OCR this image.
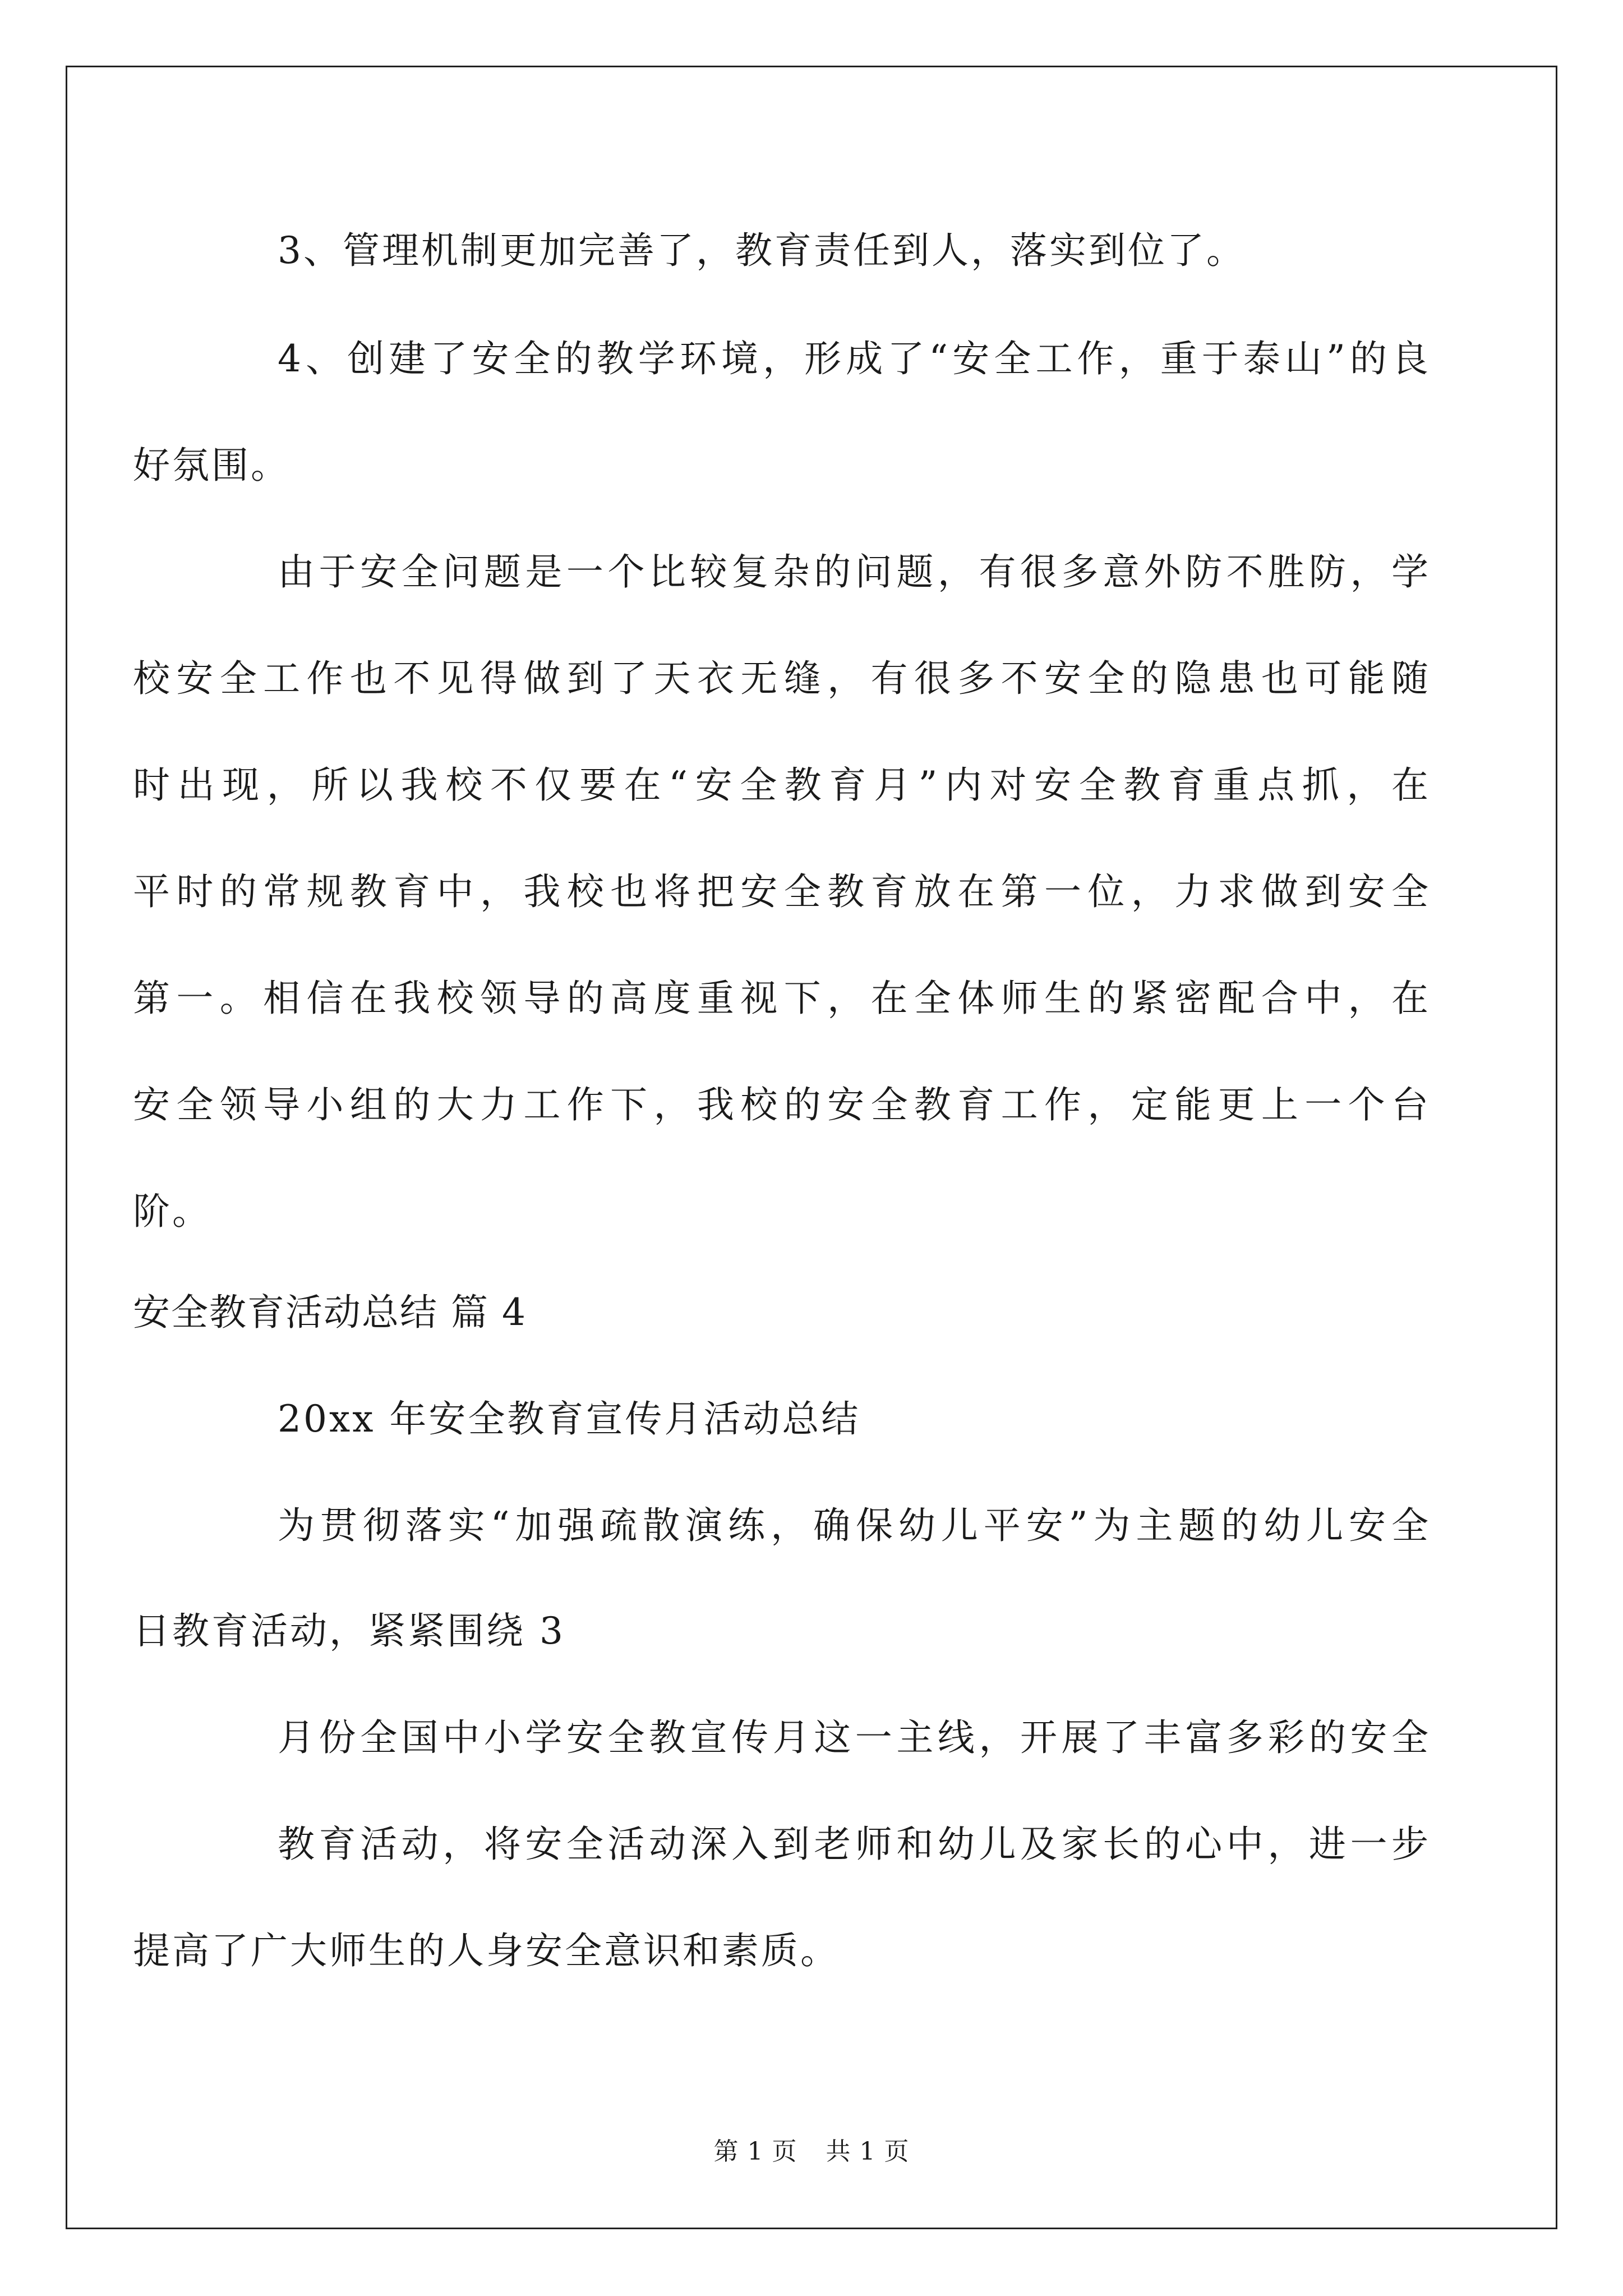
3、管理机制更加完善了，教育责任到人，落实到位了。
4、创建了安全的教学环境，形成了“安全工作，重于泰山”的良
好氛围。
由于安全问题是一个比较复杂的问题，有很多意外防不胜防，学
校安全工作也不见得做到了天衣无缝，有很多不安全的隐患也可能随
时出现，所以我校不仅要在“安全教育月”内对安全教育重点抓，在
平时的常规教育中，我校也将把安全教育放在第一位，力求做到安全
第一。相信在我校领导的高度重视下，在全体师生的紧密配合中，在
安全领导小组的大力工作下，我校的安全教育工作，定能更上一个台
阶。
安全教育活动总结 篇 4
20xx 年安全教育宣传月活动总结
为贯彻落实“加强疏散演练，确保幼儿平安”为主题的幼儿安全
日教育活动，紧紧围绕 3
月份全国中小学安全教宣传月这一主线，开展了丰富多彩的安全
教育活动，将安全活动深入到老师和幼儿及家长的心中，进一步
提高了广大师生的人身安全意识和素质。
第 1 页 共 1 页
